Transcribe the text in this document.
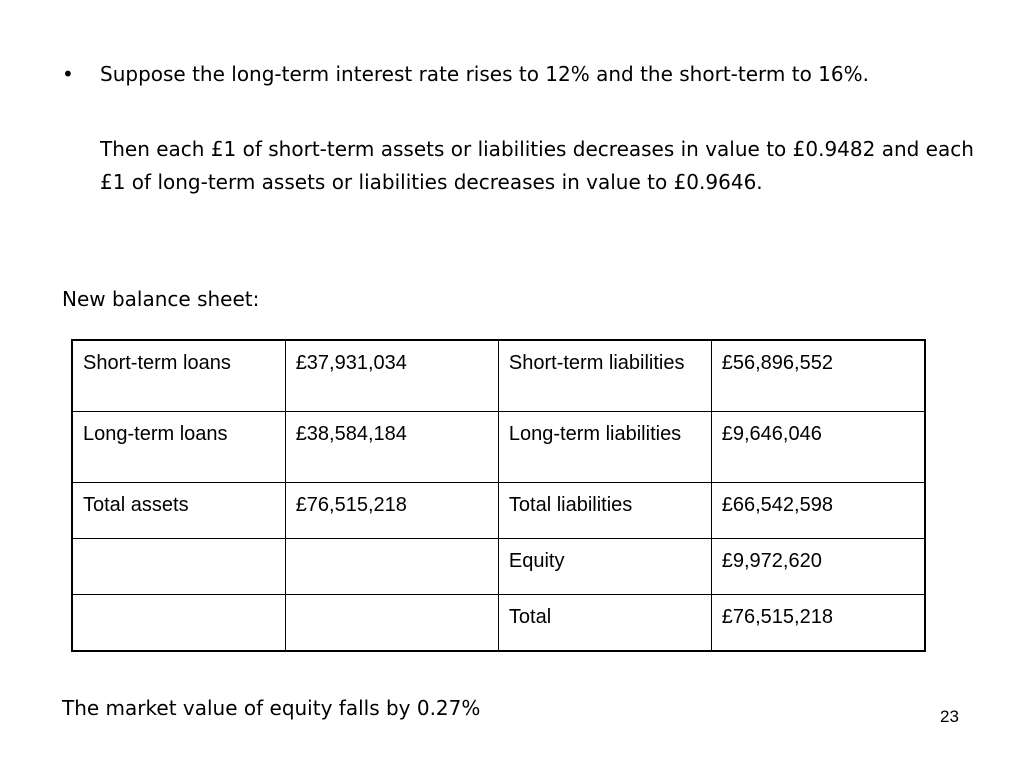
•	Suppose the long-term interest rate rises to 12% and the short-term to 16%.
Then each £1 of short-term assets or liabilities decreases in value to £0.9482 and each £1 of long-term assets or liabilities decreases in value to £0.9646.
New balance sheet:
Short-term loans	£37,931,034	Short-term liabilities	£56,896,552
Long-term loans	£38,584,184	Long-term liabilities	£9,646,046
Total assets	£76,515,218	Total liabilities	£66,542,598
		Equity	£9,972,620
		Total	£76,515,218
The market value of equity falls by 0.27%	23
